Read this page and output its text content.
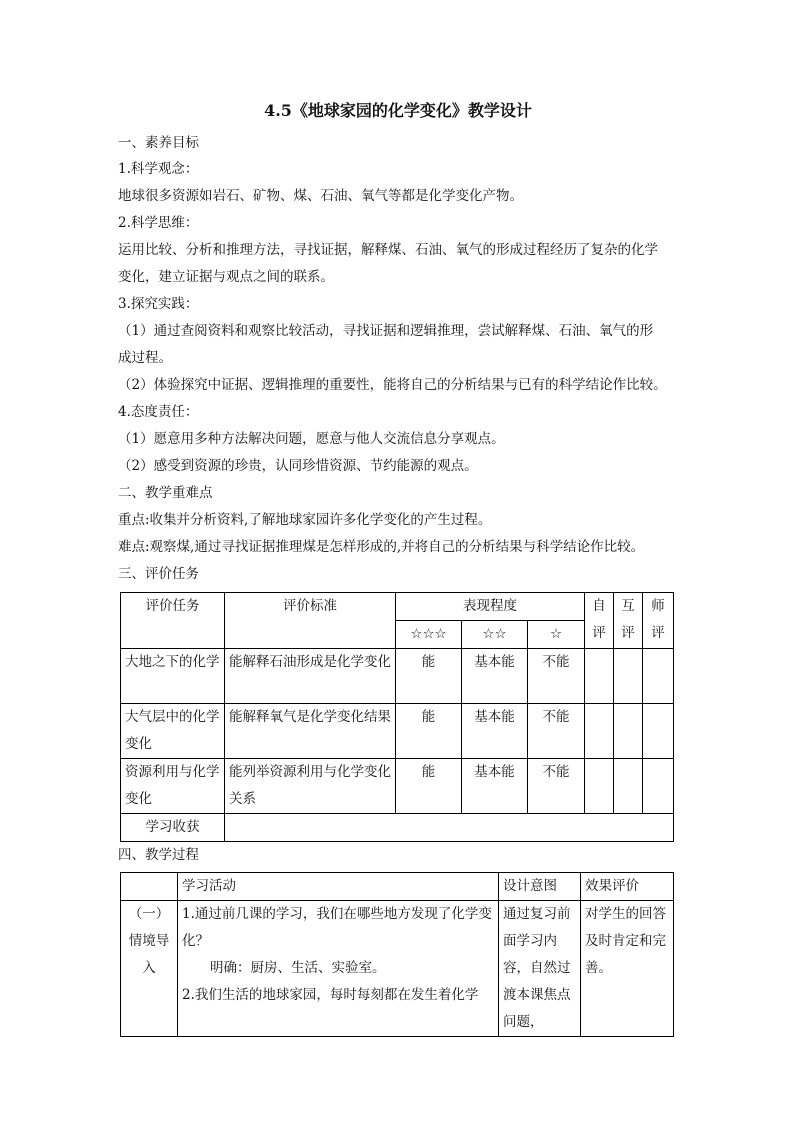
4.5《地球家园的化学变化》教学设计
一、素养目标
1.科学观念：
地球很多资源如岩石、矿物、煤、石油、氧气等都是化学变化产物。
2.科学思维：
运用比较、分析和推理方法，寻找证据，解释煤、石油、氧气的形成过程经历了复杂的化学
变化，建立证据与观点之间的联系。
3.探究实践：
（1）通过查阅资料和观察比较活动，寻找证据和逻辑推理，尝试解释煤、石油、氧气的形
成过程。
（2）体验探究中证据、逻辑推理的重要性，能将自己的分析结果与已有的科学结论作比较。
4.态度责任：
（1）愿意用多种方法解决问题，愿意与他人交流信息分享观点。
（2）感受到资源的珍贵，认同珍惜资源、节约能源的观点。
二、教学重难点
重点:收集并分析资料,了解地球家园许多化学变化的产生过程。
难点:观察煤,通过寻找证据推理煤是怎样形成的,并将自己的分析结果与科学结论作比较。
三、评价任务
评价任务	评价标准	表现程度			自评	互评	师评
		☆☆☆	☆☆	☆			
大地之下的化学	能解释石油形成是化学变化	能	基本能	不能			
大气层中的化学变化	能解释氧气是化学变化结果	能	基本能	不能			
资源利用与化学变化	能列举资源利用与化学变化关系	能	基本能	不能			
学习收获							
四、教学过程
	学习活动	设计意图	效果评价
（一）情境导入	1.通过前几课的学习，我们在哪些地方发现了化学变化？
明确：厨房、生活、实验室。
2.我们生活的地球家园，每时每刻都在发生着化学	通过复习前面学习内容，自然过渡本课焦点问题，	对学生的回答及时肯定和完善。
